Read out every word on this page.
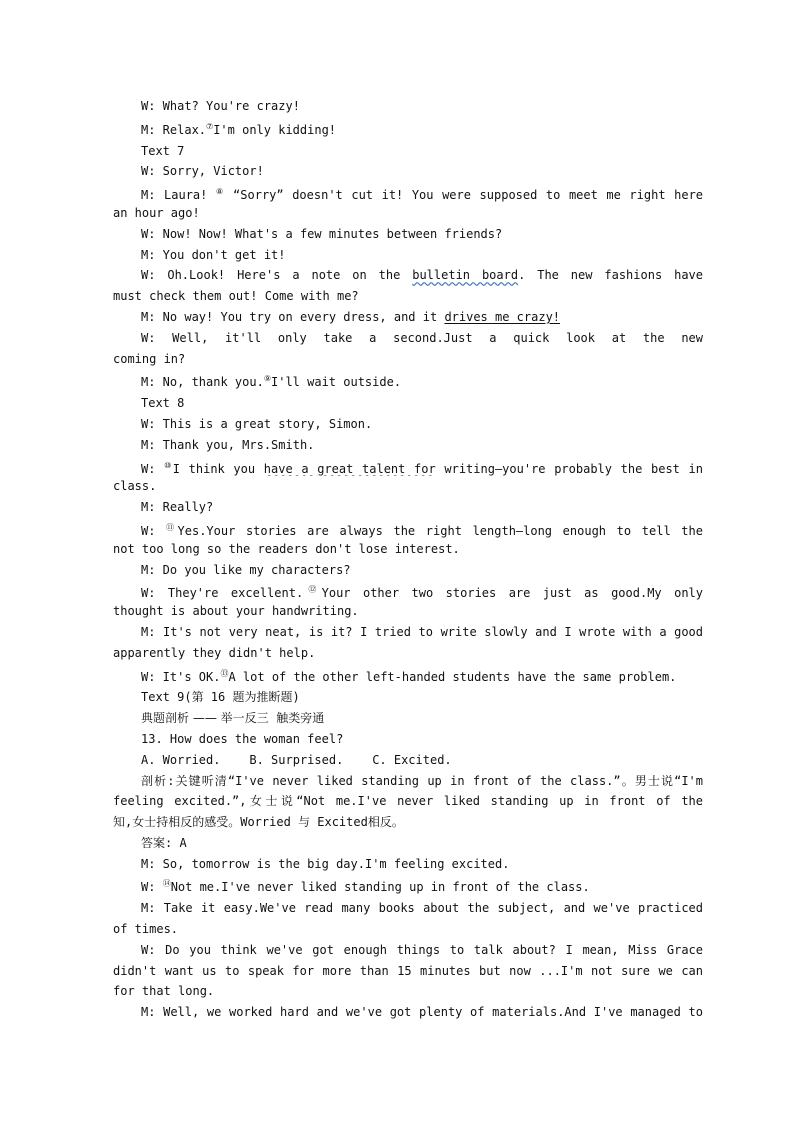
W: What? You're crazy!
M: Relax.⑦I'm only kidding!
Text 7
W: Sorry, Victor!
M: Laura! ⑧ “Sorry” doesn't cut it! You were supposed to meet me right here
an hour ago!
W: Now! Now! What's a few minutes between friends?
M: You don't get it!
W: Oh.Look! Here's a note on the bulletin board. The new fashions have
must check them out! Come with me?
M: No way! You try on every dress, and it drives me crazy!
W: Well, it'll only take a second.Just a quick look at the new
coming in?
M: No, thank you.⑨I'll wait outside.
Text 8
W: This is a great story, Simon.
M: Thank you, Mrs.Smith.
W: ⑩I think you have a great talent for writing—you're probably the best in
class.
M: Really?
W: ⑪Yes.Your stories are always the right length—long enough to tell the
not too long so the readers don't lose interest.
M: Do you like my characters?
W: They're excellent.⑫Your other two stories are just as good.My only
thought is about your handwriting.
M: It's not very neat, is it? I tried to write slowly and I wrote with a good
apparently they didn't help.
W: It's OK.⑬A lot of the other left-handed students have the same problem.
Text 9(第 16 题为推断题)
典题剖析 —— 举一反三  触类旁通
13. How does the woman feel?
A. Worried.    B. Surprised.    C. Excited.
剖析:关键听清“I've never liked standing up in front of the class.”。男士说“I'm
feeling excited.”,女士说“Not me.I've never liked standing up in front of the
知,女士持相反的感受。Worried 与 Excited相反。
答案: A
M: So, tomorrow is the big day.I'm feeling excited.
W: ⑭Not me.I've never liked standing up in front of the class.
M: Take it easy.We've read many books about the subject, and we've practiced
of times.
W: Do you think we've got enough things to talk about? I mean, Miss Grace
didn't want us to speak for more than 15 minutes but now ...I'm not sure we can
for that long.
M: Well, we worked hard and we've got plenty of materials.And I've managed to
